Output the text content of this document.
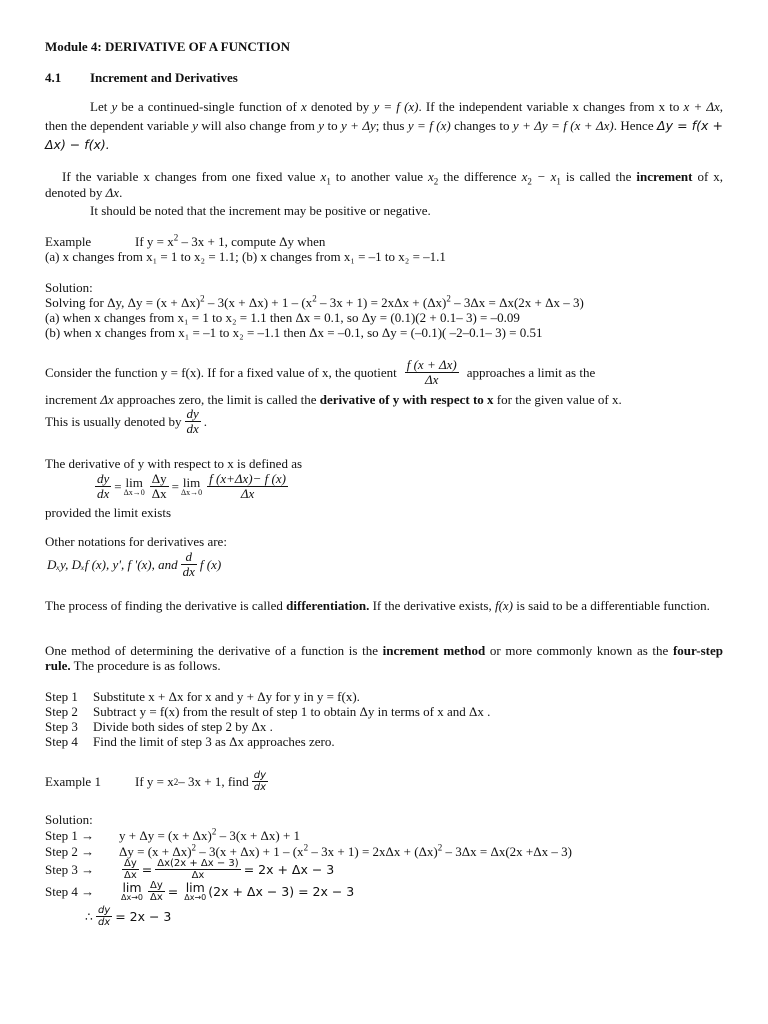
Module 4: DERIVATIVE OF A FUNCTION
4.1 Increment and Derivatives
Let y be a continued-single function of x denoted by y = f (x). If the independent variable x changes from x to x + Δx, then the dependent variable y will also change from y to y + Δy; thus y = f (x) changes to y + Δy = f (x + Δx). Hence Δy = f(x + Δx) − f(x).
If the variable x changes from one fixed value $x_1$ to another value $x_2$ the difference $x_2 - x_1$ is called the increment of x, denoted by Δx.
It should be noted that the increment may be positive or negative.

Example	If $y = x^2 - 3x + 1$, compute Δy when

(a) x changes from x₁ = 1 to x₂ = 1.1; (b) x changes from x₁ = –1 to x₂ = –1.1

Solution:

Solving for Δy, $\Delta y = (x + \Delta x)^2 - 3(x + \Delta x) + 1 - (x^2 - 3x + 1) = 2x\Delta x + (\Delta x)^2 - 3\Delta x = \Delta x(2x + \Delta x - 3)$

(a) when x changes from x₁ = 1 to x₂ = 1.1 then Δx = 0.1, so Δy = (0.1)(2 + 0.1– 3) = –0.09

(b) when x changes from x₁ = –1 to x₂ = –1.1 then Δx = –0.1, so Δy = (–0.1)( –2–0.1– 3) = 0.51

Consider the function y = f(x). If for a fixed value of x, the quotient $\frac{f (x + \Delta x)}{\Delta x}$ approaches a limit as the
increment Δx approaches zero, the limit is called the derivative of y with respect to x for the given value of x.
This is usually denoted by $\frac{dy}{dx}$ .
The derivative of y with respect to x is defined as
$\frac{dy}{dx} = \lim$
$\Delta x\to 0 \frac{\Delta y}{\Delta x} = \lim$
$\Delta x\to 0 \frac{f (x+\Delta x)- f (x)}{\Delta x}$
provided the limit exists
Other notations for derivatives are:
Dₓy, Dₓf (x), y', f '(x), and $\frac{d}{dx}$ f (x)
The process of finding the derivative is called differentiation. If the derivative exists, f(x) is said to be a differentiable function.
One method of determining the derivative of a function is the increment method or more commonly known as the four-step rule. The procedure is as follows.
Step 1	Substitute x + Δx for x and y + Δy for y in y = f(x).
Step 2	Subtract y = f(x) from the result of step 1 to obtain Δy in terms of x and Δx .
Step 3	Divide both sides of step 2 by Δx .
Step 4	Find the limit of step 3 as Δx approaches zero.
Example 1	If y = x 2 – 3x + 1, find $\frac{dy}{dx}$
Solution:
Step 1 →	$y + \Delta y = (x + \Delta x)^2 - 3(x + \Delta x) + 1$
Step 2 →	$\Delta y = (x + \Delta x)^2 - 3(x + \Delta x) + 1 - (x^2 - 3x + 1) = 2x\Delta x + (\Delta x)^2 - 3\Delta x = \Delta x(2x +\Delta x - 3)$
Step 3 →	$\frac{\Delta y}{\Delta x} = \frac{\Delta x(2x + \Delta x - 3)}{\Delta x} = 2x + \Delta x - 3$
Step 4 →	lim
$\Delta x\to 0 \frac{\Delta y}{\Delta x} = \lim$
Δx→0 (2x + Δx − 3) = 2x − 3
∴ $\frac{dy}{dx} = 2x - 3$
